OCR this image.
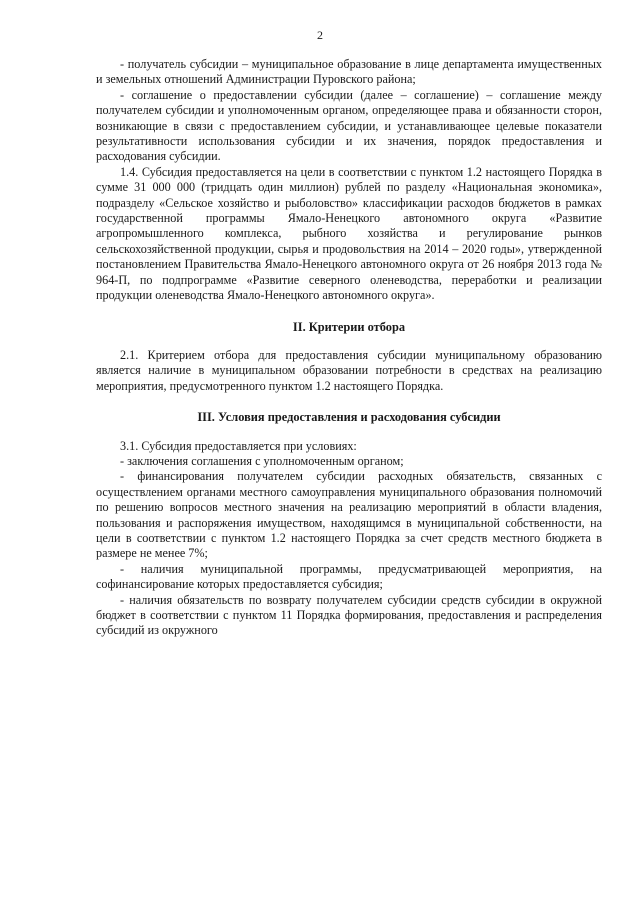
2

- получатель субсидии – муниципальное образование в лице департамента имущественных и земельных отношений Администрации Пуровского района;

- соглашение о предоставлении субсидии (далее – соглашение) – соглашение между получателем субсидии и уполномоченным органом, определяющее права и обязанности сторон, возникающие в связи с предоставлением субсидии, и устанавливающее целевые показатели результативности использования субсидии и их значения, порядок предоставления и расходования субсидии.

1.4. Субсидия предоставляется на цели в соответствии с пунктом 1.2 настоящего Порядка в сумме 31 000 000 (тридцать один миллион) рублей по разделу «Национальная экономика», подразделу «Сельское хозяйство и рыболовство» классификации расходов бюджетов в рамках государственной программы Ямало-Ненецкого автономного округа «Развитие агропромышленного комплекса, рыбного хозяйства и регулирование рынков сельскохозяйственной продукции, сырья и продовольствия на 2014 – 2020 годы», утвержденной постановлением Правительства Ямало-Ненецкого автономного округа от 26 ноября 2013 года № 964-П, по подпрограмме «Развитие северного оленеводства, переработки и реализации продукции оленеводства Ямало-Ненецкого автономного округа».

II. Критерии отбора

2.1. Критерием отбора для предоставления субсидии муниципальному образованию является наличие в муниципальном образовании потребности в средствах на реализацию мероприятия, предусмотренного пунктом 1.2 настоящего Порядка.

III. Условия предоставления и расходования субсидии

3.1. Субсидия предоставляется при условиях:

- заключения соглашения с уполномоченным органом;

- финансирования получателем субсидии расходных обязательств, связанных с осуществлением органами местного самоуправления муниципального образования полномочий по решению вопросов местного значения на реализацию мероприятий в области владения, пользования и распоряжения имуществом, находящимся в муниципальной собственности, на цели в соответствии с пунктом 1.2 настоящего Порядка за счет средств местного бюджета в размере не менее 7%;

- наличия муниципальной программы, предусматривающей мероприятия, на софинансирование которых предоставляется субсидия;

- наличия обязательств по возврату получателем субсидии средств субсидии в окружной бюджет в соответствии с пунктом 11 Порядка формирования, предоставления и распределения субсидий из окружного
